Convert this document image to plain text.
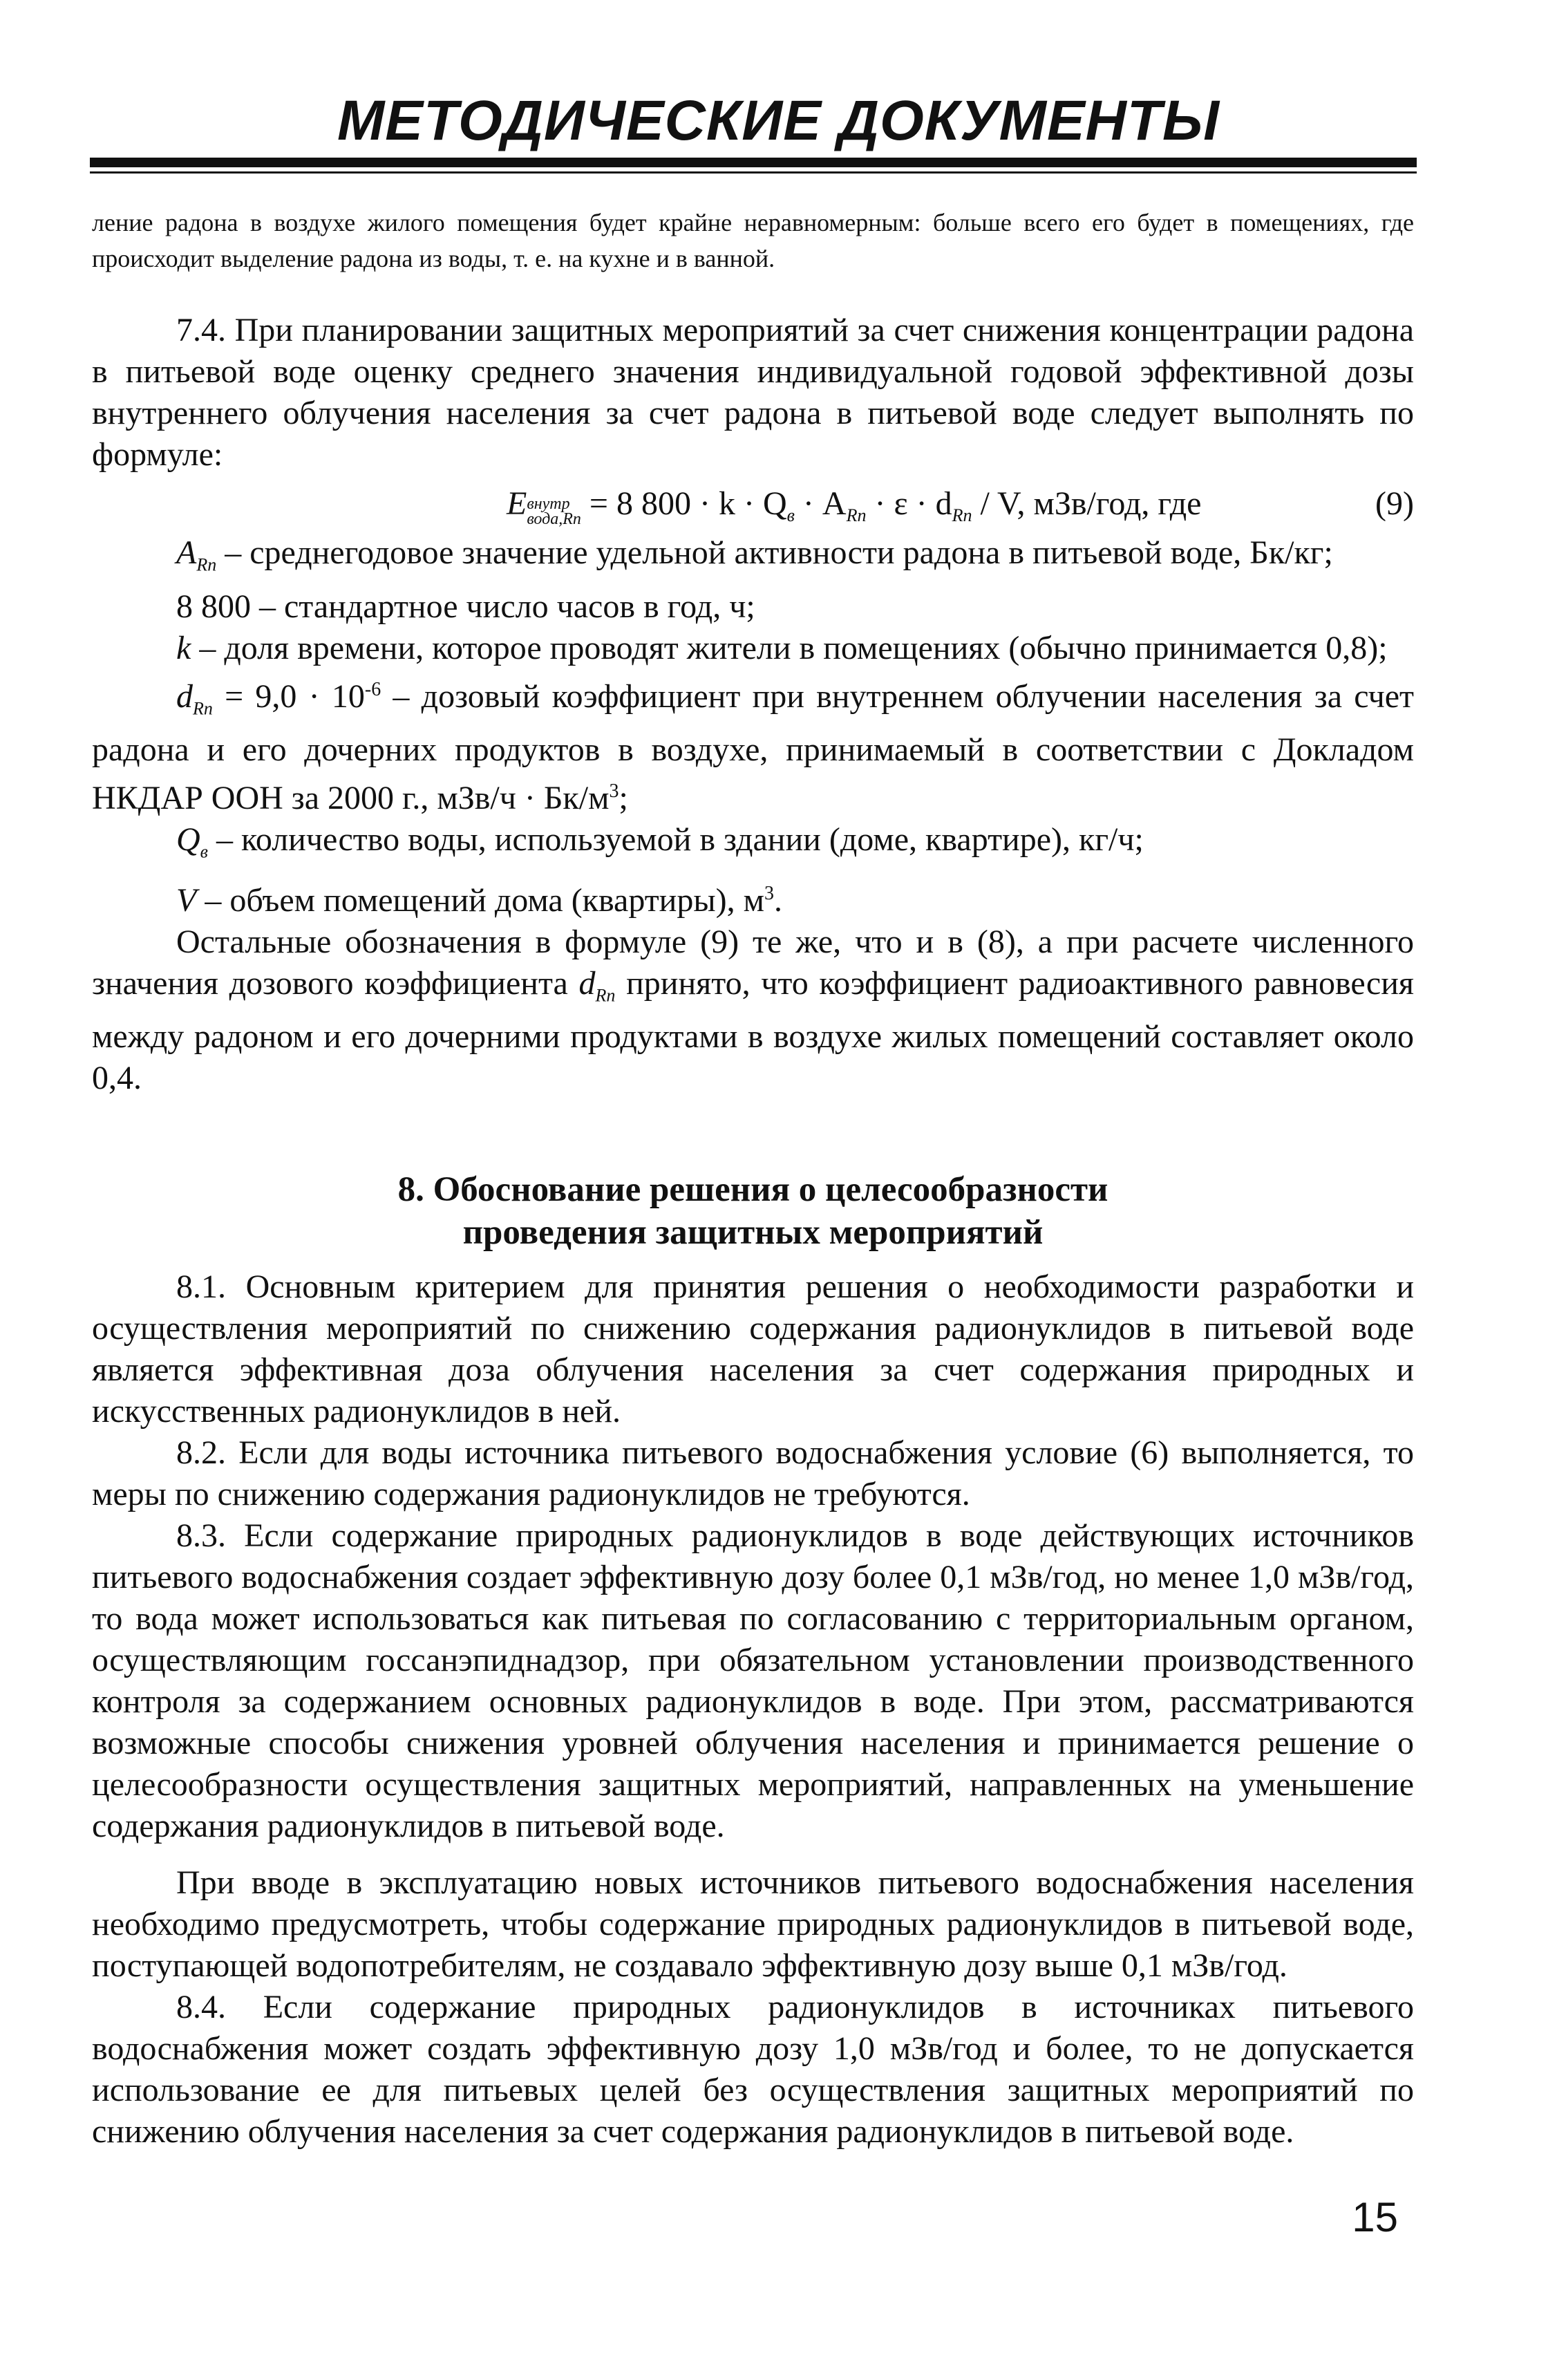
МЕТОДИЧЕСКИЕ ДОКУМЕНТЫ
ление радона в воздухе жилого помещения будет крайне неравномерным: больше всего его будет в помещениях, где происходит выделение радона из воды, т. е. на кухне и в ванной.

7.4. При планировании защитных мероприятий за счет снижения концентрации радона в питьевой воде оценку среднего значения индивидуальной годовой эффективной дозы внутреннего облучения населения за счет радона в питьевой воде следует выполнять по формуле:

E внутр
вода,Rn = 8 $800 \cdot k \cdot Q_в \cdot A_{Rn} \cdot \varepsilon \cdot d_{Rn} / V$, мЗв/год, где	(9)

$A_{Rn}$ – среднегодовое значение удельной активности радона в питьевой воде, Бк/кг;

8 800 – стандартное число часов в год, ч;

k – доля времени, которое проводят жители в помещениях (обычно принимается 0,8);

$d_{Rn} = 9,0 \cdot 10^{-6}$ – дозовый коэффициент при внутреннем облучении населения за счет радона и его дочерних продуктов в воздухе, принимаемый в соответствии с Докладом НКДАР ООН за 2000 г., $мЗв/ч \cdot Бк/м^3$;

$Q_в$ – количество воды, используемой в здании (доме, квартире), кг/ч;

V – объем помещений дома (квартиры), $м^3$.

Остальные обозначения в формуле (9) те же, что и в (8), а при расчете численного значения дозового коэффициента $d_{Rn}$ принято, что коэффициент радиоактивного равновесия между радоном и его дочерними продуктами в воздухе жилых помещений составляет около 0,4.

8. Обоснование решения о целесообразности
проведения защитных мероприятий

8.1. Основным критерием для принятия решения о необходимости разработки и осуществления мероприятий по снижению содержания радионуклидов в питьевой воде является эффективная доза облучения населения за счет содержания природных и искусственных радионуклидов в ней.

8.2. Если для воды источника питьевого водоснабжения условие (6) выполняется, то меры по снижению содержания радионуклидов не требуются.

8.3. Если содержание природных радионуклидов в воде действующих источников питьевого водоснабжения создает эффективную дозу более 0,1 мЗв/год, но менее 1,0 мЗв/год, то вода может использоваться как питьевая по согласованию с территориальным органом, осуществляющим госсанэпиднадзор, при обязательном установлении производственного контроля за содержанием основных радионуклидов в воде. При этом, рассматриваются возможные способы снижения уровней облучения населения и принимается решение о целесообразности осуществления защитных мероприятий, направленных на уменьшение содержания радионуклидов в питьевой воде.

При вводе в эксплуатацию новых источников питьевого водоснабжения населения необходимо предусмотреть, чтобы содержание природных радионуклидов в питьевой воде, поступающей водопотребителям, не создавало эффективную дозу выше 0,1 мЗв/год.

8.4. Если содержание природных радионуклидов в источниках питьевого водоснабжения может создать эффективную дозу 1,0 мЗв/год и более, то не допускается использование ее для питьевых целей без осуществления защитных мероприятий по снижению облучения населения за счет содержания радионуклидов в питьевой воде.

15
